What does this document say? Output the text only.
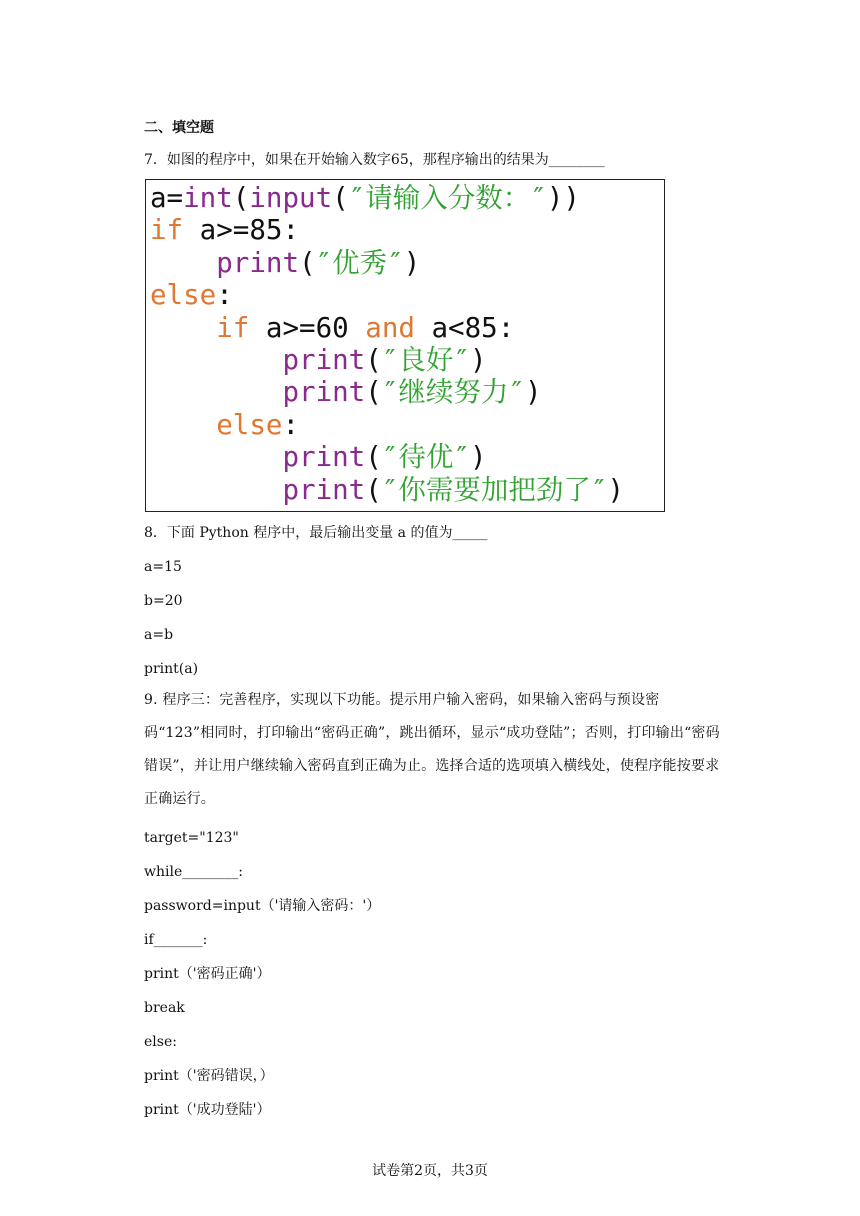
二、填空题
7．如图的程序中，如果在开始输入数字65，那程序输出的结果为________
a=int(input(″请输入分数：″))
if a>=85:
print(″优秀″)
else:
if a>=60 and a<85:
print(″良好″)
print(″继续努力″)
else:
print(″待优″)
print(″你需要加把劲了″)
8．下面 Python 程序中，最后输出变量 a 的值为_____
a=15
b=20
a=b
print(a)
9. 程序三：完善程序，实现以下功能。提示用户输入密码，如果输入密码与预设密码“123”相同时，打印输出“密码正确”，跳出循环，显示“成功登陆”；否则，打印输出“密码错误”，并让用户继续输入密码直到正确为止。选择合适的选项填入横线处，使程序能按要求正确运行。
target="123"
while________:
password=input（'请输入密码：'）
if_______:
print（'密码正确'）
break
else:
print（'密码错误，）
print（'成功登陆'）
试卷第2页，共3页
